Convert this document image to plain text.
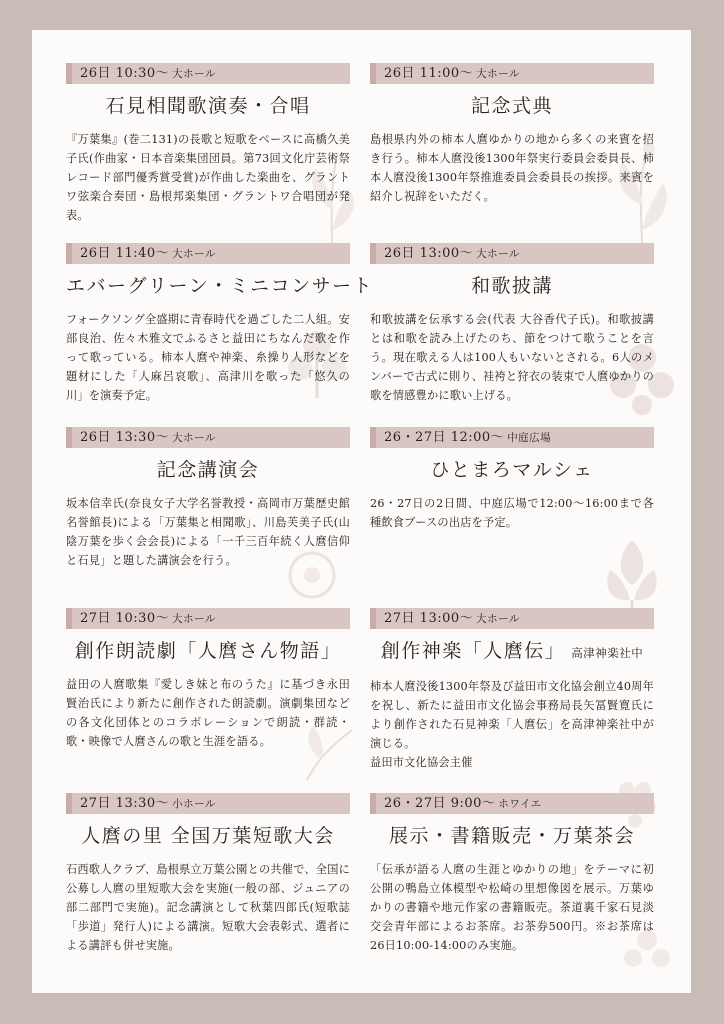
26日 10:30〜 大ホール
石見相聞歌演奏・合唱
『万葉集』(巻二131)の長歌と短歌をベースに高橋久美子氏(作曲家・日本音楽集団団員。第73回文化庁芸術祭レコード部門優秀賞受賞)が作曲した楽曲を、グラントワ弦楽合奏団・島根邦楽集団・グラントワ合唱団が発表。
26日 11:40〜 大ホール
エバーグリーン・ミニコンサート
フォークソング全盛期に青春時代を過ごした二人組。安部良治、佐々木雅文でふるさと益田にちなんだ歌を作って歌っている。柿本人麿や神楽、糸操り人形などを題材にした「人麻呂哀歌」、高津川を歌った「悠久の川」を演奏予定。
26日 13:30〜 大ホール
記念講演会
坂本信幸氏(奈良女子大学名誉教授・高岡市万葉歴史館名誉館長)による「万葉集と相聞歌」、川島芙美子氏(山陰万葉を歩く会会長)による「一千三百年続く人麿信仰と石見」と題した講演会を行う。
27日 10:30〜 大ホール
創作朗読劇「人麿さん物語」
益田の人麿歌集『愛しき妹と布のうた』に基づき永田賢治氏により新たに創作された朗読劇。演劇集団などの各文化団体とのコラボレーションで朗読・群読・歌・映像で人麿さんの歌と生涯を語る。
27日 13:30〜 小ホール
人麿の里 全国万葉短歌大会
石西歌人クラブ、島根県立万葉公園との共催で、全国に公募し人麿の里短歌大会を実施(一般の部、ジュニアの部二部門で実施)。記念講演として秋葉四郎氏(短歌誌「歩道」発行人)による講演。短歌大会表彰式、選者による講評も併せ実施。
26日 11:00〜 大ホール
記念式典
島根県内外の柿本人麿ゆかりの地から多くの来賓を招き行う。柿本人麿没後1300年祭実行委員会委員長、柿本人麿没後1300年祭推進委員会委員長の挨拶。来賓を紹介し祝辞をいただく。
26日 13:00〜 大ホール
和歌披講
和歌披講を伝承する会(代表 大谷香代子氏)。和歌披講とは和歌を読み上げたのち、節をつけて歌うことを言う。現在歌える人は100人もいないとされる。6人のメンバーで古式に則り、袿袴と狩衣の装束で人麿ゆかりの歌を情感豊かに歌い上げる。
26・27日 12:00〜 中庭広場
ひとまろマルシェ
26・27日の2日間、中庭広場で12:00〜16:00まで各種飲食ブースの出店を予定。
27日 13:00〜 大ホール
創作神楽「人麿伝」 高津神楽社中

柿本人麿没後1300年祭及び益田市文化協会創立40周年を祝し、新たに益田市文化協会事務局長矢冨賢寛氏により創作された石見神楽「人麿伝」を高津神楽社中が演じる。

益田市文化協会主催

26・27日 9:00〜 ホワイエ
展示・書籍販売・万葉茶会
「伝承が語る人麿の生涯とゆかりの地」をテーマに初公開の鴨島立体模型や松崎の里想像図を展示。万葉ゆかりの書籍や地元作家の書籍販売。茶道裏千家石見淡交会青年部によるお茶席。お茶券500円。※お茶席は26日10:00-14:00のみ実施。
